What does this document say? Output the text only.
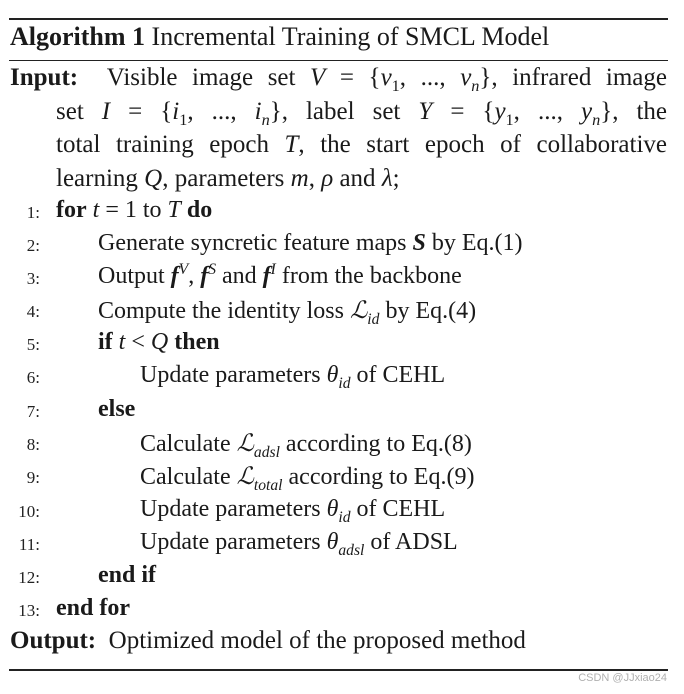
Algorithm 1 Incremental Training of SMCL Model
Input:  Visible image set $V = \{v_1$, ..., $v_n$}, infrared image
set $I = \{i_1$, ..., $i_n$}, label set $Y = \{y_1$, ..., $y_n$}, the
total training epoch T, the start epoch of collaborative
learning Q, parameters m, ρ and λ;
1: for t = 1 to T do
2: Generate syncretic feature maps S by Eq.(1)
3: Output $f^V$, $f^S$ and $f^I$ from the backbone
4: Compute the identity loss ℒ$_{id}$ by Eq.(4)
5: if t < Q then
6:	Update parameters $\theta_{id}$ of CEHL
7: else
8:	Calculate ℒ$_{adsl}$ according to Eq.(8)
9:	Calculate ℒ$_{total}$ according to Eq.(9)
10:	Update parameters $\theta_{id}$ of CEHL
11:	Update parameters $\theta_{adsl}$ of ADSL
12: end if
13: end for
Output: Optimized model of the proposed method
CSDN @JJxiao24
